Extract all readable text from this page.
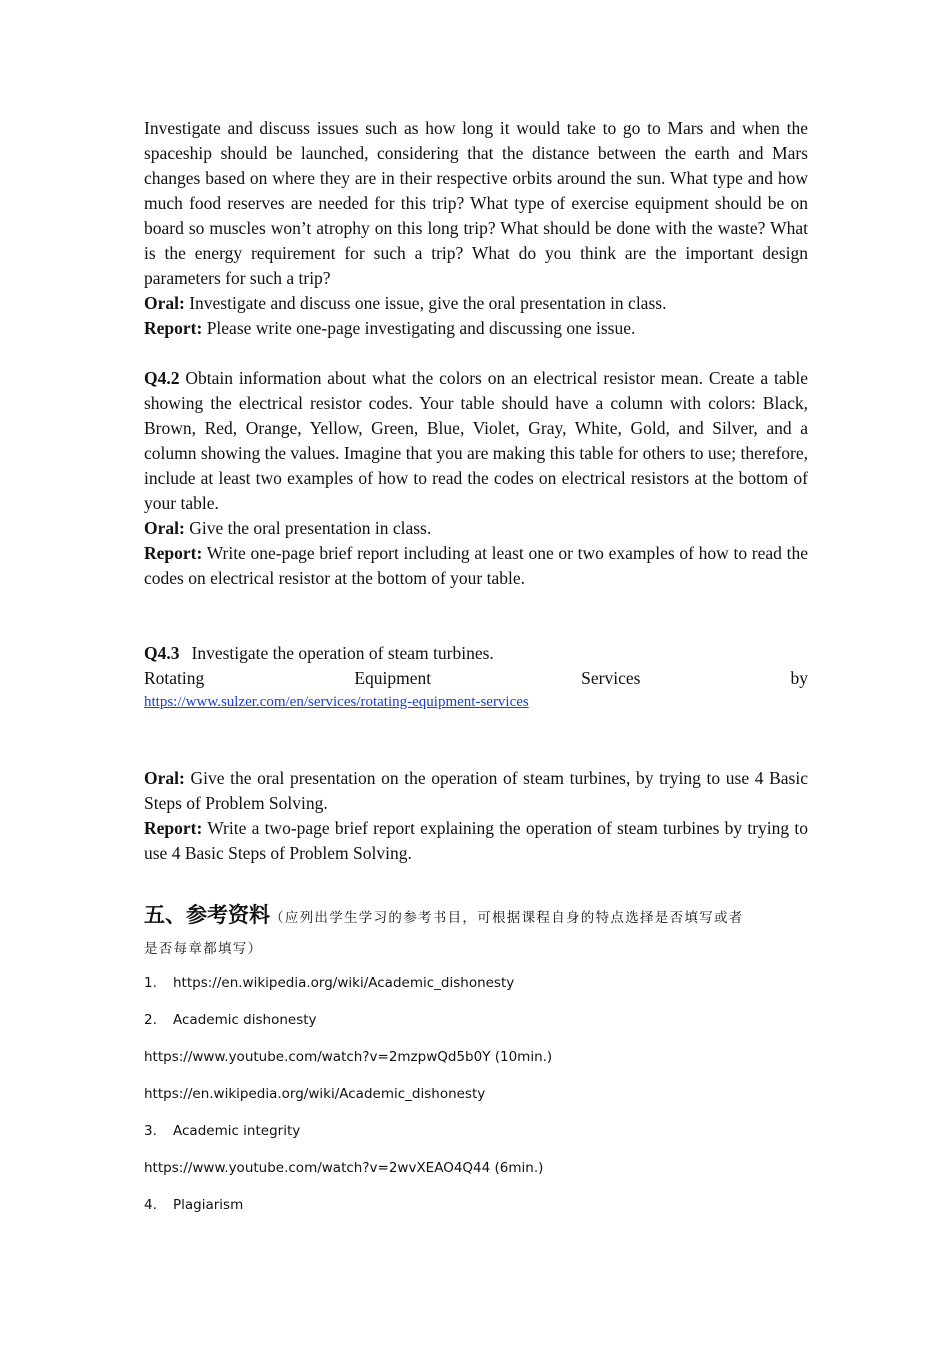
Investigate and discuss issues such as how long it would take to go to Mars and when the spaceship should be launched, considering that the distance between the earth and Mars changes based on where they are in their respective orbits around the sun. What type and how much food reserves are needed for this trip? What type of exercise equipment should be on board so muscles won’t atrophy on this long trip? What should be done with the waste? What is the energy requirement for such a trip? What do you think are the important design parameters for such a trip?

Oral: Investigate and discuss one issue, give the oral presentation in class.

Report: Please write one-page investigating and discussing one issue.

Q4.2 Obtain information about what the colors on an electrical resistor mean. Create a table showing the electrical resistor codes. Your table should have a column with colors: Black, Brown, Red, Orange, Yellow, Green, Blue, Violet, Gray, White, Gold, and Silver, and a column showing the values. Imagine that you are making this table for others to use; therefore, include at least two examples of how to read the codes on electrical resistors at the bottom of your table.

Oral: Give the oral presentation in class.

Report: Write one-page brief report including at least one or two examples of how to read the codes on electrical resistor at the bottom of your table.

Q4.3 Investigate the operation of steam turbines.

Rotating	Equipment	Services	by

https://www.sulzer.com/en/services/rotating-equipment-services

Oral: Give the oral presentation on the operation of steam turbines, by trying to use 4 Basic Steps of Problem Solving.

Report: Write a two-page brief report explaining the operation of steam turbines by trying to use 4 Basic Steps of Problem Solving.

五、参考资料（应列出学生学习的参考书目，可根据课程自身的特点选择是否填写或者

是否每章都填写）

1. https://en.wikipedia.org/wiki/Academic_dishonesty
2. Academic dishonesty
https://www.youtube.com/watch?v=2mzpwQd5b0Y (10min.)
https://en.wikipedia.org/wiki/Academic_dishonesty
3. Academic integrity
https://www.youtube.com/watch?v=2wvXEAO4Q44 (6min.)
4. Plagiarism
